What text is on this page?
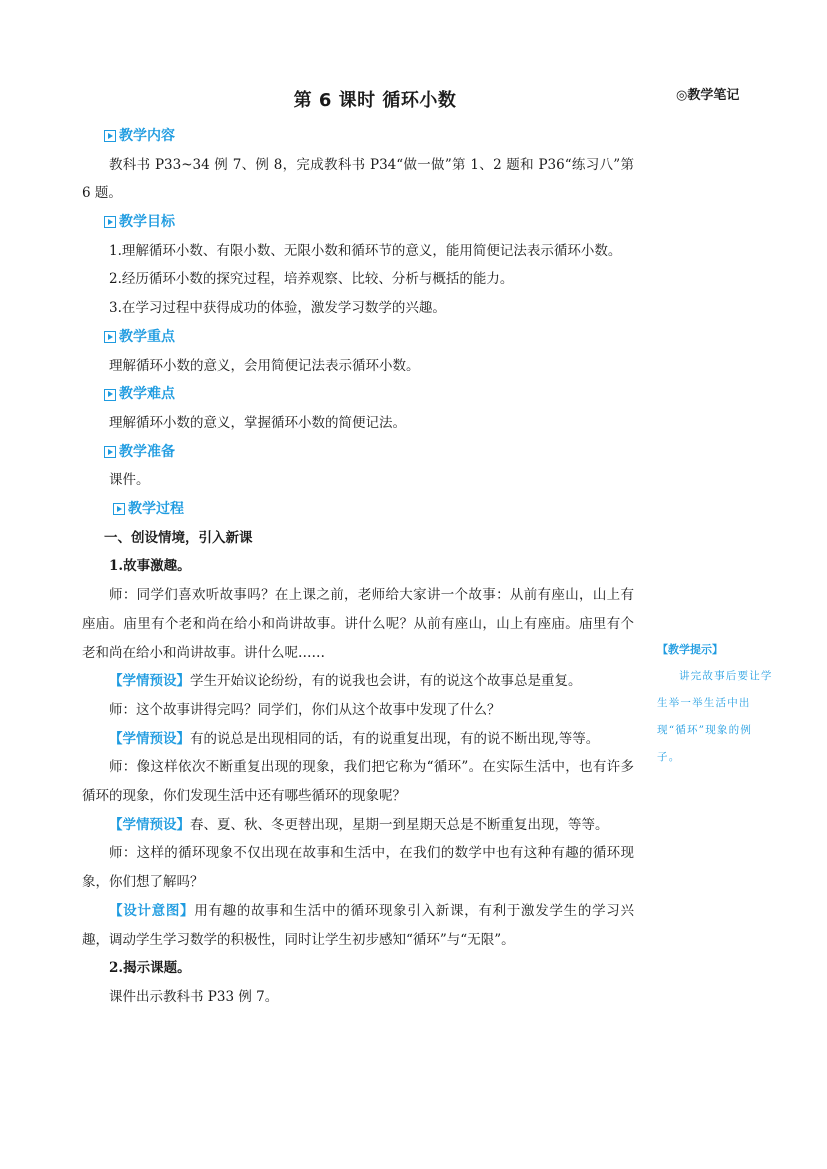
第 6 课时 循环小数	◎教学笔记
教学内容

教科书 P33~34 例 7、例 8，完成教科书 P34“做一做”第 1、2 题和 P36“练习八”第 6 题。

教学目标

1.理解循环小数、有限小数、无限小数和循环节的意义，能用简便记法表示循环小数。

2.经历循环小数的探究过程，培养观察、比较、分析与概括的能力。

3.在学习过程中获得成功的体验，激发学习数学的兴趣。

教学重点

理解循环小数的意义，会用简便记法表示循环小数。

教学难点

理解循环小数的意义，掌握循环小数的简便记法。

教学准备

课件。

教学过程

一、创设情境，引入新课

1.故事激趣。

师：同学们喜欢听故事吗？在上课之前，老师给大家讲一个故事：从前有座山，山上有座庙。庙里有个老和尚在给小和尚讲故事。讲什么呢？从前有座山，山上有座庙。庙里有个老和尚在给小和尚讲故事。讲什么呢……

【学情预设】学生开始议论纷纷，有的说我也会讲，有的说这个故事总是重复。

师：这个故事讲得完吗？同学们，你们从这个故事中发现了什么？

【学情预设】有的说总是出现相同的话，有的说重复出现，有的说不断出现,等等。

师：像这样依次不断重复出现的现象，我们把它称为“循环”。在实际生活中，也有许多循环的现象，你们发现生活中还有哪些循环的现象呢？

【学情预设】春、夏、秋、冬更替出现，星期一到星期天总是不断重复出现，等等。

师：这样的循环现象不仅出现在故事和生活中，在我们的数学中也有这种有趣的循环现象，你们想了解吗？

【设计意图】用有趣的故事和生活中的循环现象引入新课，有利于激发学生的学习兴趣，调动学生学习数学的积极性，同时让学生初步感知“循环”与“无限”。

2.揭示课题。

课件出示教科书 P33 例 7。

【教学提示】
讲完故事后要让学生举一举生活中出现“循环”现象的例子。
